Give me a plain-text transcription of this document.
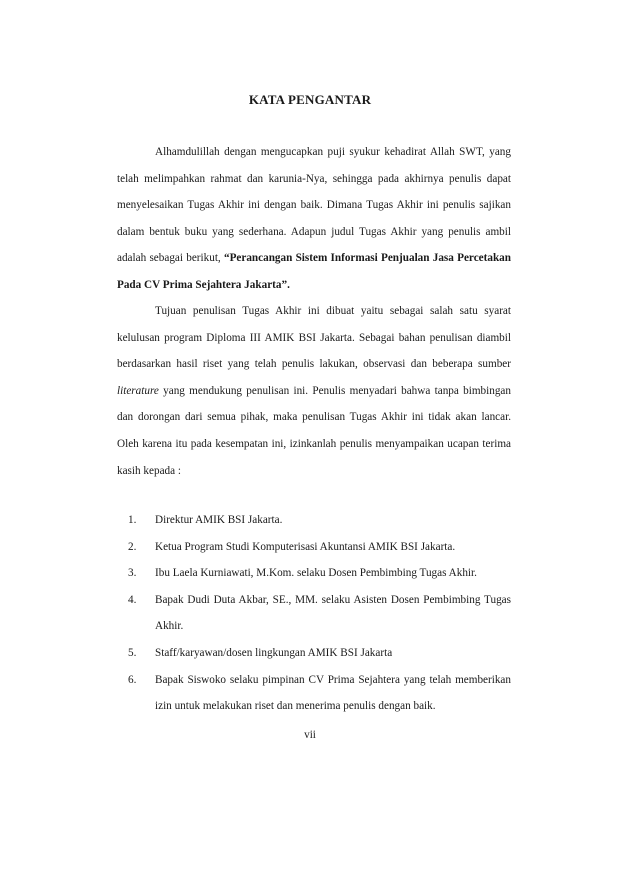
KATA PENGANTAR

Alhamdulillah dengan mengucapkan puji syukur kehadirat Allah SWT, yang telah melimpahkan rahmat dan karunia-Nya, sehingga pada akhirnya penulis dapat menyelesaikan Tugas Akhir ini dengan baik. Dimana Tugas Akhir ini penulis sajikan dalam bentuk buku yang sederhana. Adapun judul Tugas Akhir yang penulis ambil adalah sebagai berikut, “Perancangan Sistem Informasi Penjualan Jasa Percetakan Pada CV Prima Sejahtera Jakarta”.

Tujuan penulisan Tugas Akhir ini dibuat yaitu sebagai salah satu syarat kelulusan program Diploma III AMIK BSI Jakarta. Sebagai bahan penulisan diambil berdasarkan hasil riset yang telah penulis lakukan, observasi dan beberapa sumber literature yang mendukung penulisan ini. Penulis menyadari bahwa tanpa bimbingan dan dorongan dari semua pihak, maka penulisan Tugas Akhir ini tidak akan lancar. Oleh karena itu pada kesempatan ini, izinkanlah penulis menyampaikan ucapan terima kasih kepada :

1. Direktur AMIK BSI Jakarta.
2. Ketua Program Studi Komputerisasi Akuntansi AMIK BSI Jakarta.
3. Ibu Laela Kurniawati, M.Kom. selaku Dosen Pembimbing Tugas Akhir.
4. Bapak Dudi Duta Akbar, SE., MM. selaku Asisten Dosen Pembimbing Tugas Akhir.
5. Staff/karyawan/dosen lingkungan AMIK BSI Jakarta
6. Bapak Siswoko selaku pimpinan CV Prima Sejahtera yang telah memberikan izin untuk melakukan riset dan menerima penulis dengan baik.

vii
